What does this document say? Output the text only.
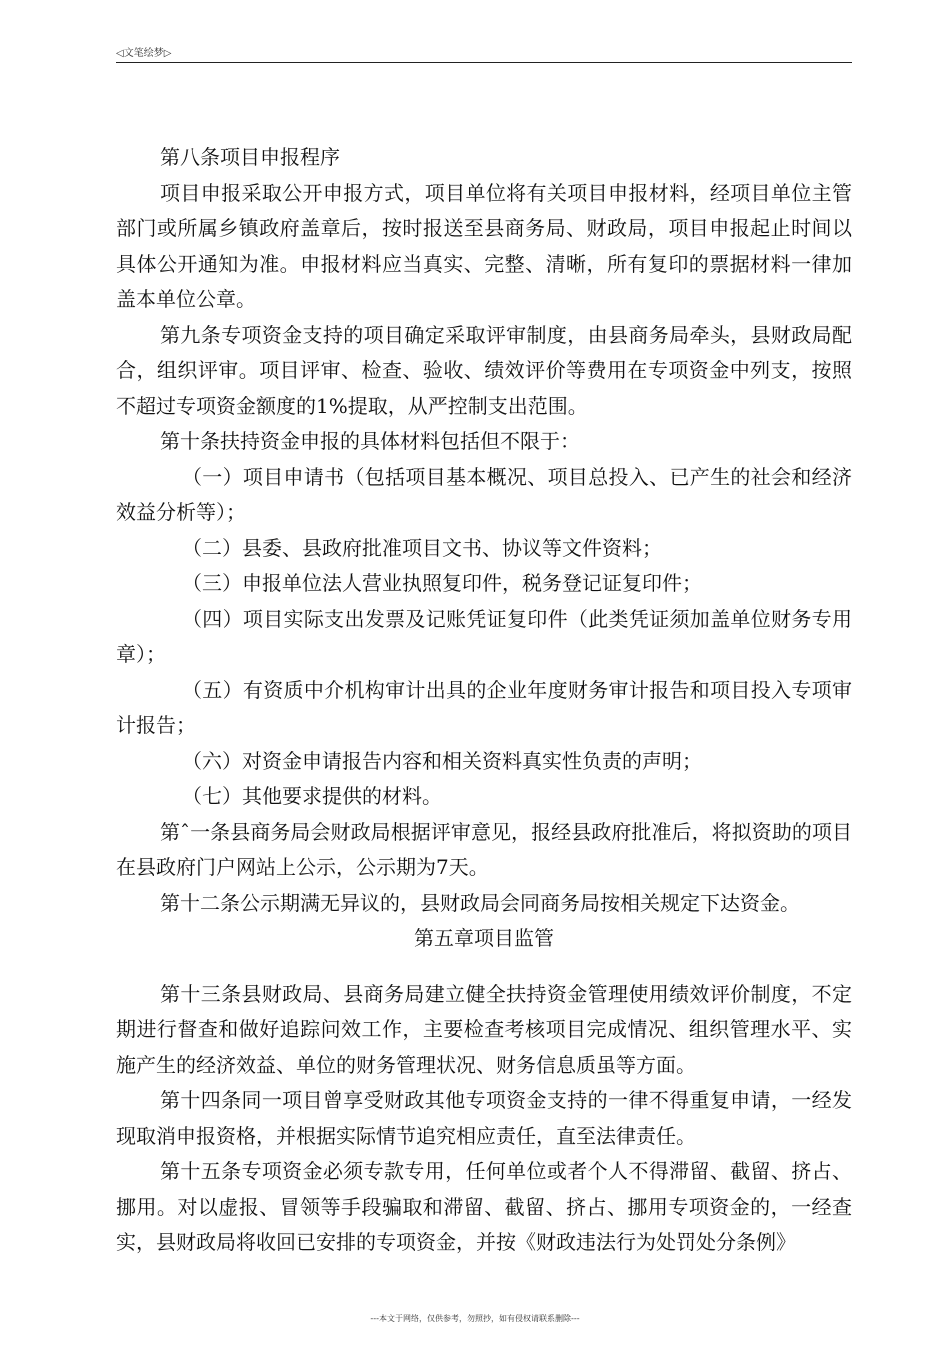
◁文笔绘梦▷

第八条项目申报程序

项目申报采取公开申报方式，项目单位将有关项目申报材料，经项目单位主管部门或所属乡镇政府盖章后，按时报送至县商务局、财政局，项目申报起止时间以具体公开通知为准。申报材料应当真实、完整、清晰，所有复印的票据材料一律加盖本单位公章。

第九条专项资金支持的项目确定采取评审制度，由县商务局牵头，县财政局配合，组织评审。项目评审、检查、验收、绩效评价等费用在专项资金中列支，按照不超过专项资金额度的1%提取，从严控制支出范围。

第十条扶持资金申报的具体材料包括但不限于：

（一）项目申请书（包括项目基本概况、项目总投入、已产生的社会和经济效益分析等）；

（二）县委、县政府批准项目文书、协议等文件资料；

（三）申报单位法人营业执照复印件，税务登记证复印件；

（四）项目实际支出发票及记账凭证复印件（此类凭证须加盖单位财务专用章）；

（五）有资质中介机构审计出具的企业年度财务审计报告和项目投入专项审计报告；

（六）对资金申请报告内容和相关资料真实性负责的声明；

（七）其他要求提供的材料。

第ˆ一条县商务局会财政局根据评审意见，报经县政府批准后，将拟资助的项目在县政府门户网站上公示，公示期为7天。

第十二条公示期满无异议的，县财政局会同商务局按相关规定下达资金。

第五章项目监管

第十三条县财政局、县商务局建立健全扶持资金管理使用绩效评价制度，不定期进行督查和做好追踪问效工作，主要检查考核项目完成情况、组织管理水平、实施产生的经济效益、单位的财务管理状况、财务信息质虽等方面。

第十四条同一项目曾享受财政其他专项资金支持的一律不得重复申请，一经发现取消申报资格，并根据实际情节追究相应责任，直至法律责任。

第十五条专项资金必须专款专用，任何单位或者个人不得滞留、截留、挤占、挪用。对以虚报、冒领等手段骗取和滞留、截留、挤占、挪用专项资金的，一经查实，县财政局将收回已安排的专项资金，并按《财政违法行为处罚处分条例》

---本文于网络，仅供参考，勿照抄，如有侵权请联系删除---
